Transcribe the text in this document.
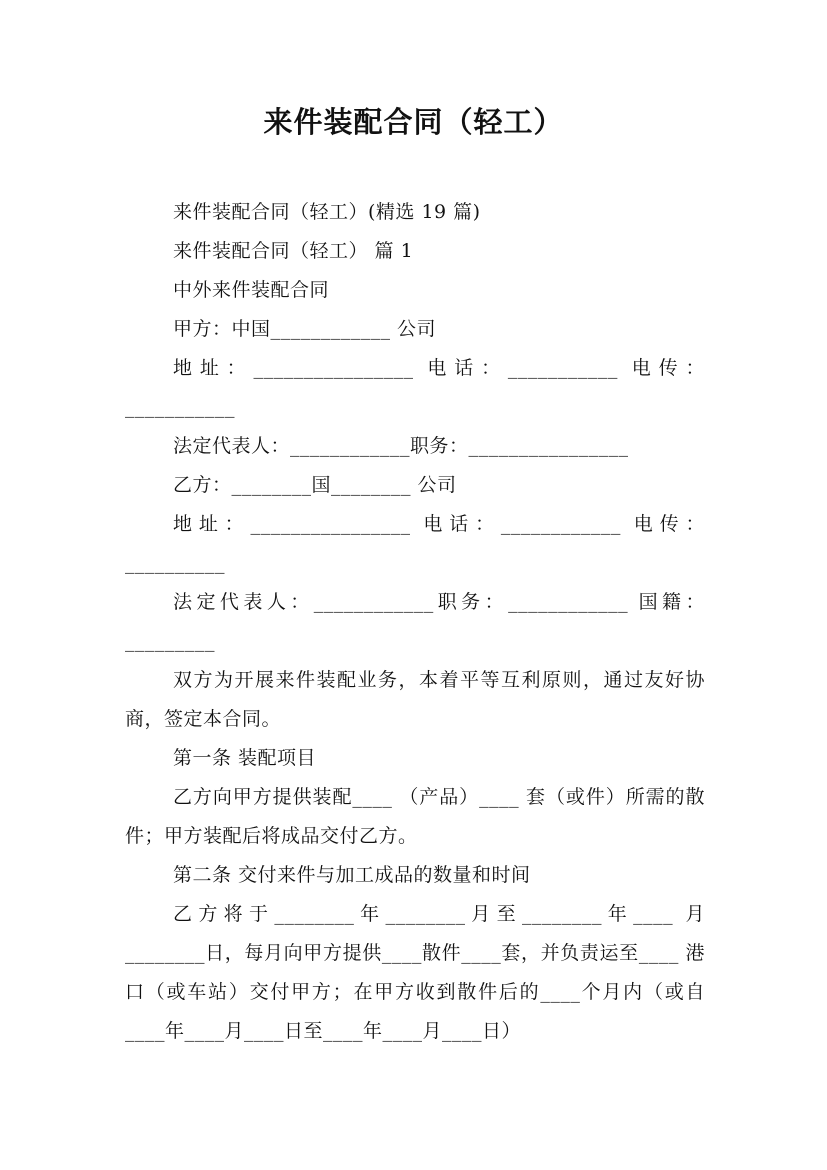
来件装配合同（轻工）

来件装配合同（轻工）(精选 19 篇)

来件装配合同（轻工） 篇 1

中外来件装配合同

甲方：中国____________ 公司

地址：________________ 电话：___________ 电传：___________

法定代表人：____________职务：________________

乙方：________国________ 公司

地址：________________ 电话：____________ 电传：__________

法定代表人：____________职务：____________ 国籍：_________

双方为开展来件装配业务，本着平等互利原则，通过友好协商，签定本合同。

第一条 装配项目

乙方向甲方提供装配____ （产品）____ 套（或件）所需的散件；甲方装配后将成品交付乙方。

第二条 交付来件与加工成品的数量和时间

乙方将于________年________月至________年____ 月________日，每月向甲方提供____散件____套，并负责运至____ 港口（或车站）交付甲方；在甲方收到散件后的____个月内（或自____年____月____日至____年____月____日）
